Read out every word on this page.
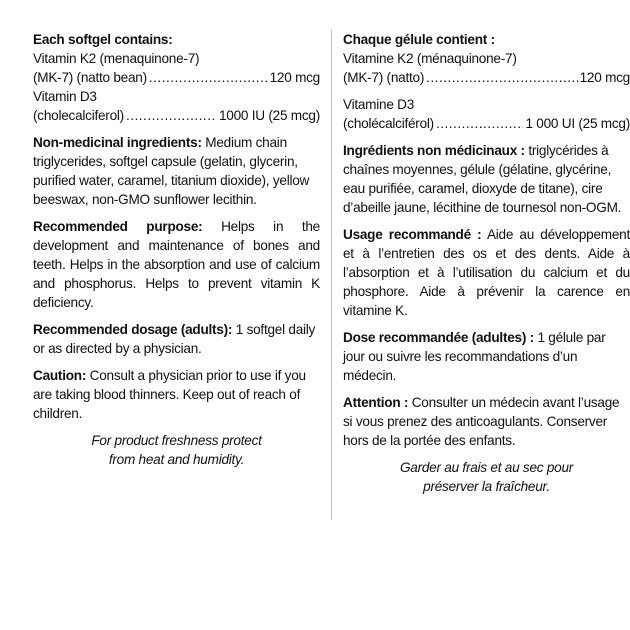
Each softgel contains:

Vitamin K2 (menaquinone-7)
(MK-7) (natto bean) .....	120 mcg
Vitamin D3
(cholecalciferol) .....	1000 IU (25 mcg)

Non-medicinal ingredients: Medium chain triglycerides, softgel capsule (gelatin, glycerin, purified water, caramel, titanium dioxide), yellow beeswax, non-GMO sunflower lecithin.

Recommended purpose: Helps in the development and maintenance of bones and teeth. Helps in the absorption and use of calcium and phosphorus. Helps to prevent vitamin K deficiency.

Recommended dosage (adults): 1 softgel daily or as directed by a physician.

Caution: Consult a physician prior to use if you are taking blood thinners. Keep out of reach of children.

For product freshness protect
from heat and humidity.

Chaque gélule contient :

Vitamine K2 (ménaquinone-7)
(MK-7) (natto) .....	120 mcg
Vitamine D3
(cholécalciférol) .....	1 000 UI (25 mcg)

Ingrédients non médicinaux : triglycérides à chaînes moyennes, gélule (gélatine, glycérine, eau purifiée, caramel, dioxyde de titane), cire d’abeille jaune, lécithine de tournesol non-OGM.

Usage recommandé : Aide au développement et à l’entretien des os et des dents. Aide à l’absorption et à l’utilisation du calcium et du phosphore. Aide à prévenir la carence en vitamine K.

Dose recommandée (adultes) : 1 gélule par jour ou suivre les recommandations d’un médecin.

Attention : Consulter un médecin avant l’usage si vous prenez des anticoagulants. Conserver hors de la portée des enfants.

Garder au frais et au sec pour
préserver la fraîcheur.
